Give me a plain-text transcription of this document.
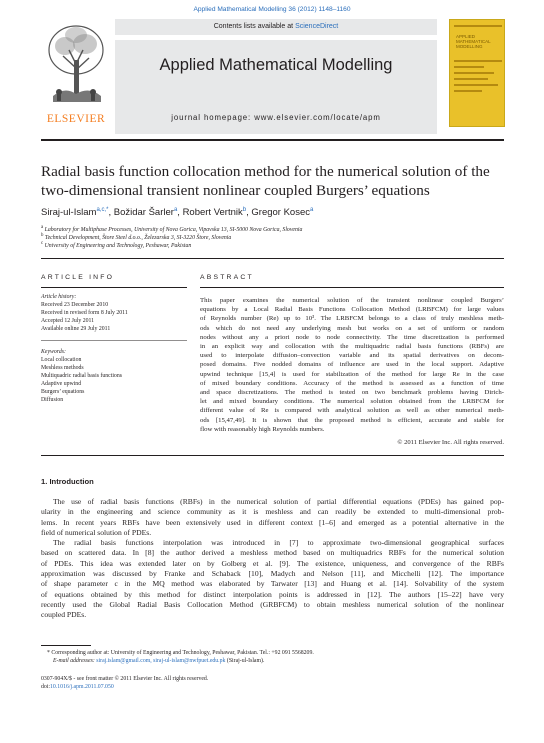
Applied Mathematical Modelling 36 (2012) 1148–1160
ELSEVIER
Contents lists available at ScienceDirect
Applied Mathematical Modelling
journal homepage: www.elsevier.com/locate/apm
APPLIED MATHEMATICAL MODELLING
Radial basis function collocation method for the numerical solution of the
two-dimensional transient nonlinear coupled Burgers’ equations
Siraj-ul-Islam$^{a,c,*}$, Božidar Šarler$^a$, Robert Vertnik$^b$, Gregor Kosec$^a$
$^a$ Laboratory for Multiphase Processes, University of Nova Gorica, Vipavska 13, SI-5000 Nova Gorica, Slovenia
$^b$ Technical Development, Štore Steel d.o.o., Železarska 3, SI-3220 Štore, Slovenia
$^c$ University of Engineering and Technology, Peshawar, Pakistan
ARTICLE INFO
Article history:
Received 23 December 2010
Received in revised form 8 July 2011
Accepted 12 July 2011
Available online 29 July 2011
Keywords:
Local collocation
Meshless methods
Multiquadric radial basis functions
Adaptive upwind
Burgers’ equations
Diffusion
ABSTRACT
This paper examines the numerical solution of the transient nonlinear coupled Burgers’
equations by a Local Radial Basis Functions Collocation Method (LRBFCM) for large values
of Reynolds number (Re) up to 10³. The LRBFCM belongs to a class of truly meshless meth-
ods which do not need any underlying mesh but works on a set of uniform or random
nodes without any a priori node to node connectivity. The time discretization is performed
in an explicit way and collocation with the multiquadric radial basis functions (RBFs) are
used to interpolate diffusion–convection variable and its spatial derivatives on decom-
posed domains. Five nodded domains of influence are used in the local support. Adaptive
upwind technique [15,4] is used for stabilization of the method for large Re in the case
of mixed boundary conditions. Accuracy of the method is assessed as a function of time
and space discretizations. The method is tested on two benchmark problems having Dirich-
let and mixed boundary conditions. The numerical solution obtained from the LRBFCM for
different value of Re is compared with analytical solution as well as other numerical meth-
ods [15,47,49]. It is shown that the proposed method is efficient, accurate and stable for
flow with reasonably high Reynolds numbers.
© 2011 Elsevier Inc. All rights reserved.
1. Introduction
The use of radial basis functions (RBFs) in the numerical solution of partial differential equations (PDEs) has gained pop-
ularity in the engineering and science community as it is meshless and can readily be extended to multi-dimensional prob-
lems. In recent years RBFs have been extensively used in different context [1–6] and emerged as a potential alternative in the
field of numerical solution of PDEs.
The radial basis functions interpolation was introduced in [7] to approximate two-dimensional geographical surfaces
based on scattered data. In [8] the author derived a meshless method based on multiquadrics RBFs for the numerical solution
of PDEs. This idea was extended later on by Golberg et al. [9]. The existence, uniqueness, and convergence of the RBFs
approximation was discussed by Franke and Schaback [10], Madych and Nelson [11], and Micchelli [12]. The importance
of shape parameter c in the MQ method was elaborated by Tarwater [13] and Huang et al. [14]. Solvability of the system
of equations obtained by this method for distinct interpolation points is addressed in [12]. The authors [15–22] have very
recently used the Global Radial Basis Collocation Method (GRBFCM) to obtain meshless numerical solution of the nonlinear
coupled PDEs.
* Corresponding author at: University of Engineering and Technology, Peshawar, Pakistan. Tel.: +92 091 5568209.
E-mail addresses: siraj.islam@gmail.com, siraj-ul-islam@nwfpuet.edu.pk (Siraj-ul-Islam).
0307-904X/$ - see front matter © 2011 Elsevier Inc. All rights reserved.
doi:10.1016/j.apm.2011.07.050
